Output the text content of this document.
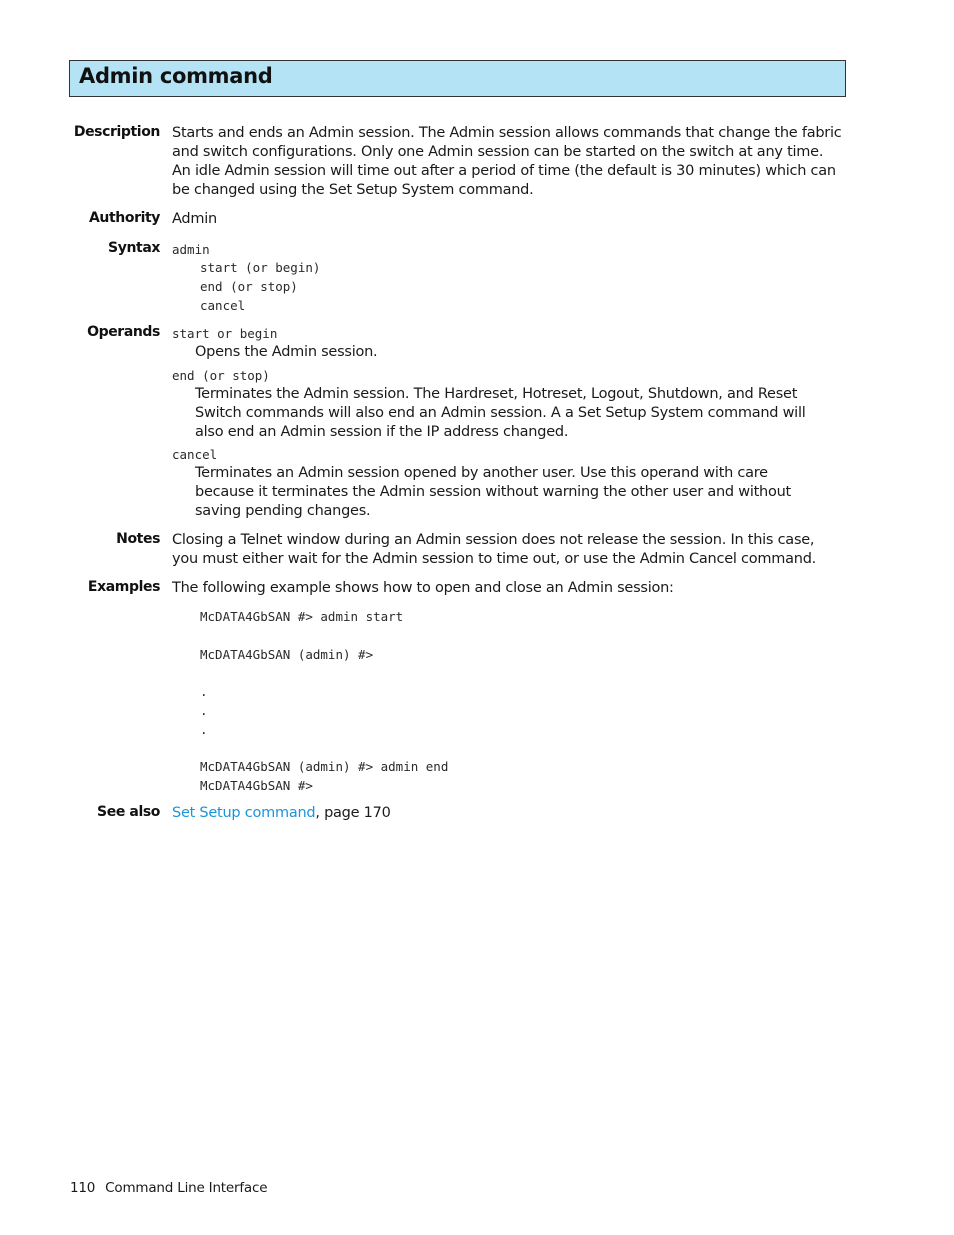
Admin command
Description Starts and ends an Admin session. The Admin session allows commands that change the fabric and switch configurations. Only one Admin session can be started on the switch at any time. An idle Admin session will time out after a period of time (the default is 30 minutes) which can be changed using the Set Setup System command.
Authority Admin
Syntax admin
start (or begin)
end (or stop)
cancel
Operands start or begin
Opens the Admin session.
end (or stop)
Terminates the Admin session. The Hardreset, Hotreset, Logout, Shutdown, and Reset Switch commands will also end an Admin session. A a Set Setup System command will also end an Admin session if the IP address changed.
cancel
Terminates an Admin session opened by another user. Use this operand with care because it terminates the Admin session without warning the other user and without saving pending changes.
Notes Closing a Telnet window during an Admin session does not release the session. In this case, you must either wait for the Admin session to time out, or use the Admin Cancel command.
Examples The following example shows how to open and close an Admin session:
McDATA4GbSAN #> admin start
McDATA4GbSAN (admin) #>
.
.
.
McDATA4GbSAN (admin) #> admin end
McDATA4GbSAN #>
See also Set Setup command, page 170
110 Command Line Interface
